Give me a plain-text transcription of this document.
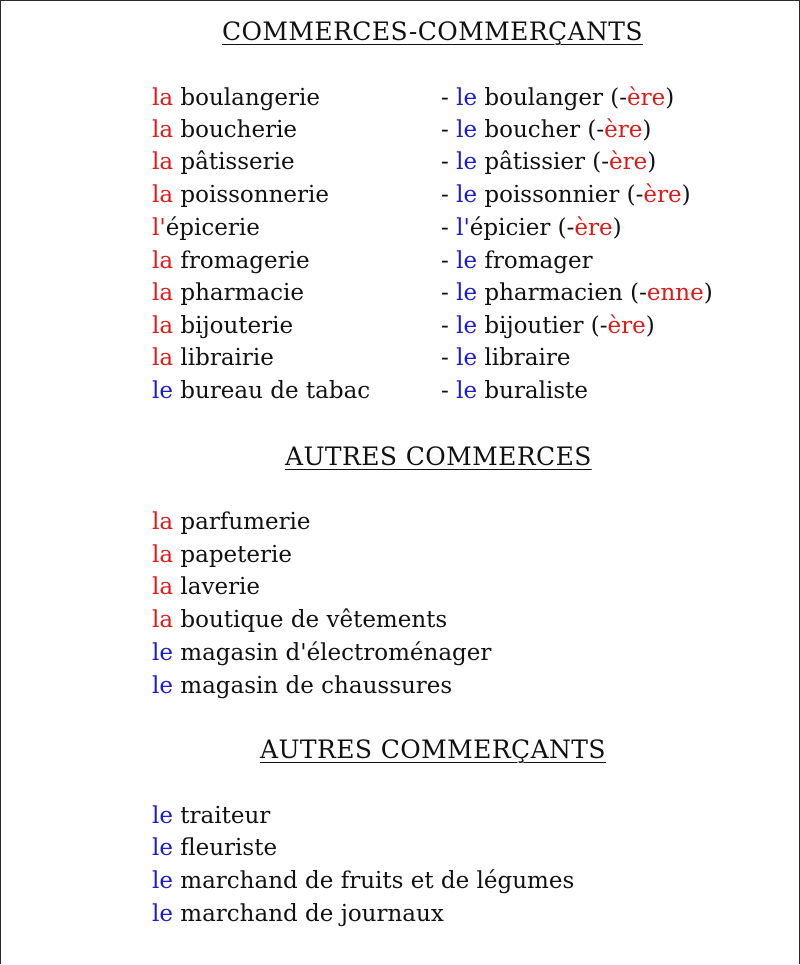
COMMERCES-COMMERÇANTS
la boulangerie	- le boulanger (-ère)
la boucherie	- le boucher (-ère)
la pâtisserie	- le pâtissier (-ère)
la poissonnerie	- le poissonnier (-ère)
l'épicerie	- l'épicier (-ère)
la fromagerie	- le fromager
la pharmacie	- le pharmacien (-enne)
la bijouterie	- le bijoutier (-ère)
la librairie	- le libraire
le bureau de tabac	- le buraliste
AUTRES COMMERCES
la parfumerie
la papeterie
la laverie
la boutique de vêtements
le magasin d'électroménager
le magasin de chaussures
AUTRES COMMERÇANTS
le traiteur
le fleuriste
le marchand de fruits et de légumes
le marchand de journaux
